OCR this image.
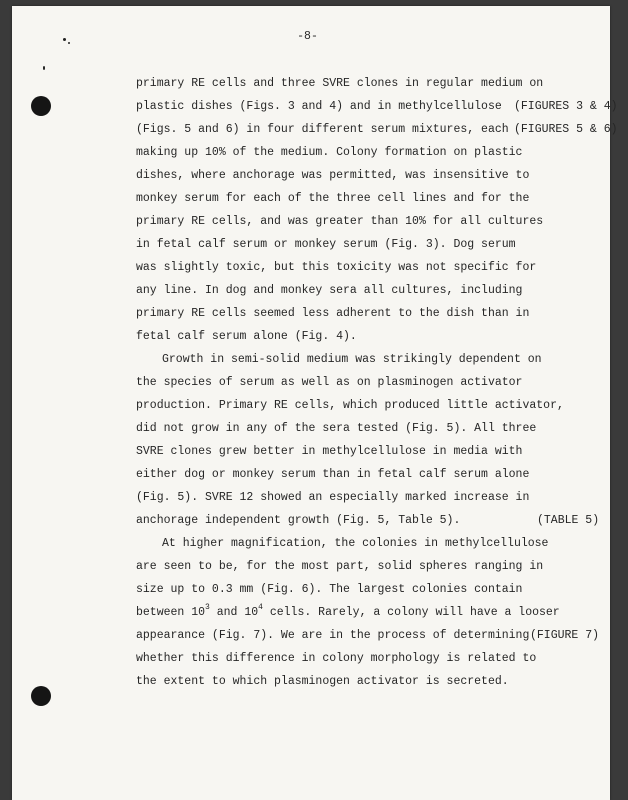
-8-
primary RE cells and three SVRE clones in regular medium on
plastic dishes (Figs. 3 and 4) and in methylcellulose
(Figs. 5 and 6) in four different serum mixtures, each
making up 10% of the medium. Colony formation on plastic
dishes, where anchorage was permitted, was insensitive to
monkey serum for each of the three cell lines and for the
primary RE cells, and was greater than 10% for all cultures
in fetal calf serum or monkey serum (Fig. 3). Dog serum
was slightly toxic, but this toxicity was not specific for
any line. In dog and monkey sera all cultures, including
primary RE cells seemed less adherent to the dish than in
fetal calf serum alone (Fig. 4).
Growth in semi-solid medium was strikingly dependent on
the species of serum as well as on plasminogen activator
production. Primary RE cells, which produced little activator,
did not grow in any of the sera tested (Fig. 5). All three
SVRE clones grew better in methylcellulose in media with
either dog or monkey serum than in fetal calf serum alone
(Fig. 5). SVRE 12 showed an especially marked increase in
anchorage independent growth (Fig. 5, Table 5).
At higher magnification, the colonies in methylcellulose
are seen to be, for the most part, solid spheres ranging in
size up to 0.3 mm (Fig. 6). The largest colonies contain
between $10^3$ and $10^4$ cells. Rarely, a colony will have a looser
appearance (Fig. 7). We are in the process of determining
whether this difference in colony morphology is related to
the extent to which plasminogen activator is secreted.
(FIGURES 3 & 4)
(FIGURES 5 & 6)
(TABLE 5)
(FIGURE 7)
